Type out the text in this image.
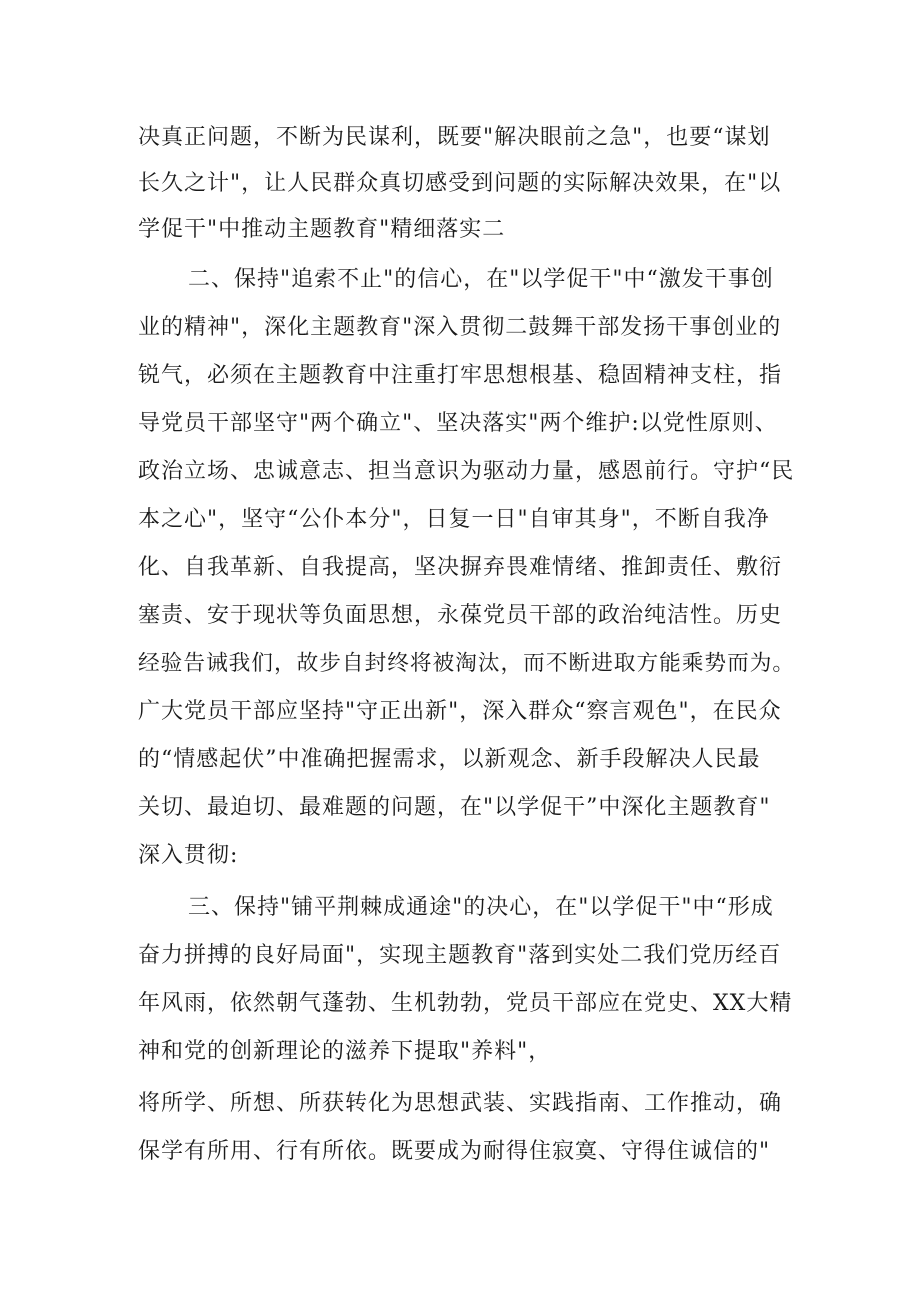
决真正问题，不断为民谋利，既要"解决眼前之急"，也要“谋划
长久之计"，让人民群众真切感受到问题的实际解决效果，在"以
学促干"中推动主题教育"精细落实二
二、保持"追索不止"的信心，在"以学促干"中“激发干事创
业的精神"，深化主题教育"深入贯彻二鼓舞干部发扬干事创业的
锐气，必须在主题教育中注重打牢思想根基、稳固精神支柱，指
导党员干部坚守"两个确立"、坚决落实"两个维护:以党性原则、
政治立场、忠诚意志、担当意识为驱动力量，感恩前行。守护“民
本之心"，坚守“公仆本分"，日复一日"自审其身"，不断自我净
化、自我革新、自我提高，坚决摒弃畏难情绪、推卸责任、敷衍
塞责、安于现状等负面思想，永葆党员干部的政治纯洁性。历史
经验告诫我们，故步自封终将被淘汰，而不断进取方能乘势而为。
广大党员干部应坚持"守正出新"，深入群众“察言观色"，在民众
的“情感起伏”中准确把握需求，以新观念、新手段解决人民最
关切、最迫切、最难题的问题，在"以学促干”中深化主题教育"
深入贯彻:
三、保持"铺平荆棘成通途"的决心，在"以学促干"中“形成
奋力拼搏的良好局面"，实现主题教育"落到实处二我们党历经百
年风雨，依然朝气蓬勃、生机勃勃，党员干部应在党史、XX大精
神和党的创新理论的滋养下提取"养料"，
将所学、所想、所获转化为思想武装、实践指南、工作推动，确
保学有所用、行有所依。既要成为耐得住寂寞、守得住诚信的"
